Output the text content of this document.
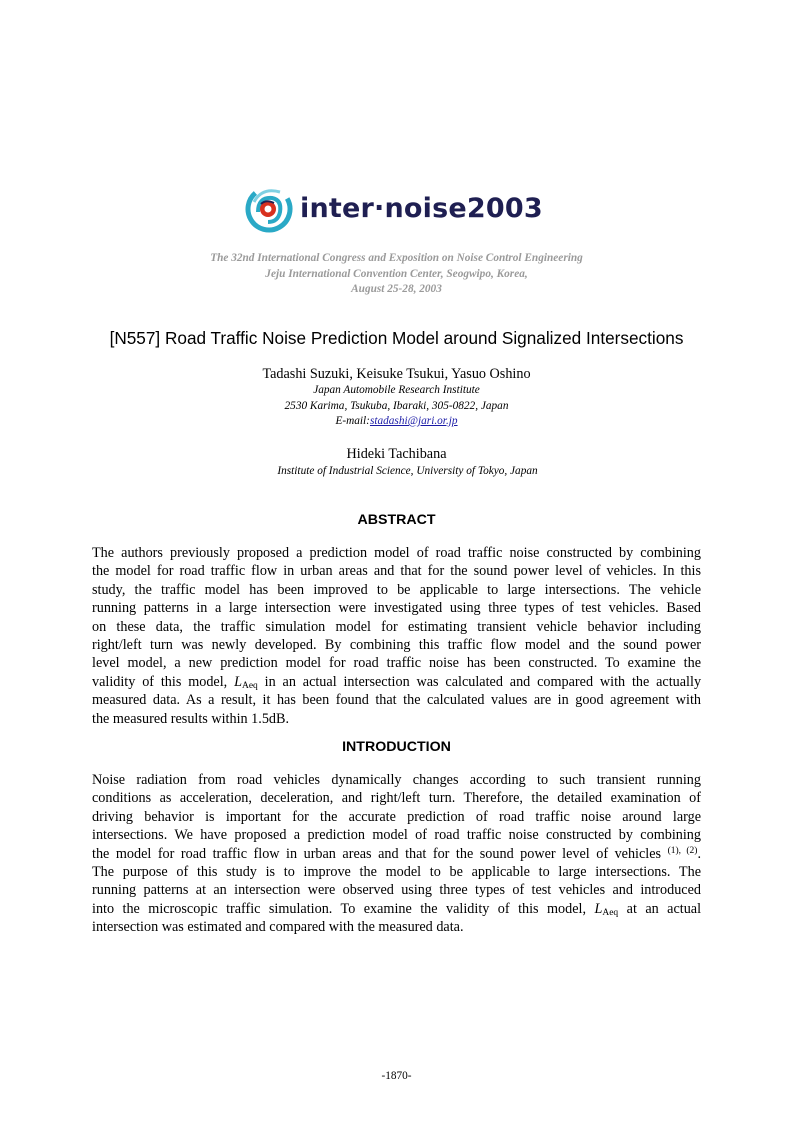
inter·noise2003
The 32nd International Congress and Exposition on Noise Control Engineering
Jeju International Convention Center, Seogwipo, Korea,
August 25-28, 2003
[N557] Road Traffic Noise Prediction Model around Signalized Intersections
Tadashi Suzuki, Keisuke Tsukui, Yasuo Oshino
Japan Automobile Research Institute
2530 Karima, Tsukuba, Ibaraki, 305-0822, Japan
E-mail:stadashi@jari.or.jp
Hideki Tachibana
Institute of Industrial Science, University of Tokyo, Japan
ABSTRACT
The authors previously proposed a prediction model of road traffic noise constructed by combining
the model for road traffic flow in urban areas and that for the sound power level of vehicles. In this
study, the traffic model has been improved to be applicable to large intersections. The vehicle
running patterns in a large intersection were investigated using three types of test vehicles. Based
on these data, the traffic simulation model for estimating transient vehicle behavior including
right/left turn was newly developed. By combining this traffic flow model and the sound power
level model, a new prediction model for road traffic noise has been constructed. To examine the
validity of this model, $L_{Aeq}$ in an actual intersection was calculated and compared with the actually
measured data. As a result, it has been found that the calculated values are in good agreement with
the measured results within 1.5dB.
INTRODUCTION
Noise radiation from road vehicles dynamically changes according to such transient running
conditions as acceleration, deceleration, and right/left turn. Therefore, the detailed examination of
driving behavior is important for the accurate prediction of road traffic noise around large
intersections. We have proposed a prediction model of road traffic noise constructed by combining
the model for road traffic flow in urban areas and that for the sound power level of vehicles $^{(1), (2)}$.
The purpose of this study is to improve the model to be applicable to large intersections. The
running patterns at an intersection were observed using three types of test vehicles and introduced
into the microscopic traffic simulation. To examine the validity of this model, $L_{Aeq}$ at an actual
intersection was estimated and compared with the measured data.
-1870-
